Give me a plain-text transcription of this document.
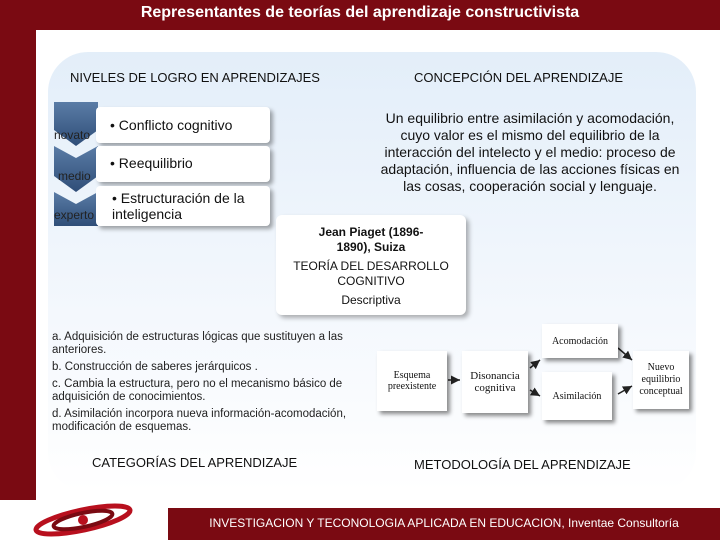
Representantes de teorías del aprendizaje constructivista
NIVELES DE LOGRO EN APRENDIZAJES	CONCEPCIÓN DEL APRENDIZAJE
CATEGORÍAS DEL APRENDIZAJE	METODOLOGÍA DEL APRENDIZAJE
novato
medio
experto
• Conflicto cognitivo
• Reequilibrio
• Estructuración de la inteligencia
Un equilibrio entre asimilación y acomodación, cuyo valor es el mismo del equilibrio de la interacción del intelecto y el medio: proceso de adaptación, influencia de las acciones físicas en las cosas, cooperación social y lenguaje.
Jean Piaget (1896-1890), Suiza
TEORÍA DEL DESARROLLO COGNITIVO
Descriptiva

a. Adquisición de estructuras lógicas que sustituyen a las anteriores.

b. Construcción de saberes jerárquicos .

c. Cambia la estructura, pero no el mecanismo básico de adquisición de conocimientos.

d. Asimilación incorpora nueva información-acomodación, modificación de esquemas.

Esquema preexistente
Disonancia cognitiva
Acomodación
Asimilación
Nuevo equilibrio conceptual
INVESTIGACION Y TECONOLOGIA APLICADA EN EDUCACION, Inventae Consultoría
